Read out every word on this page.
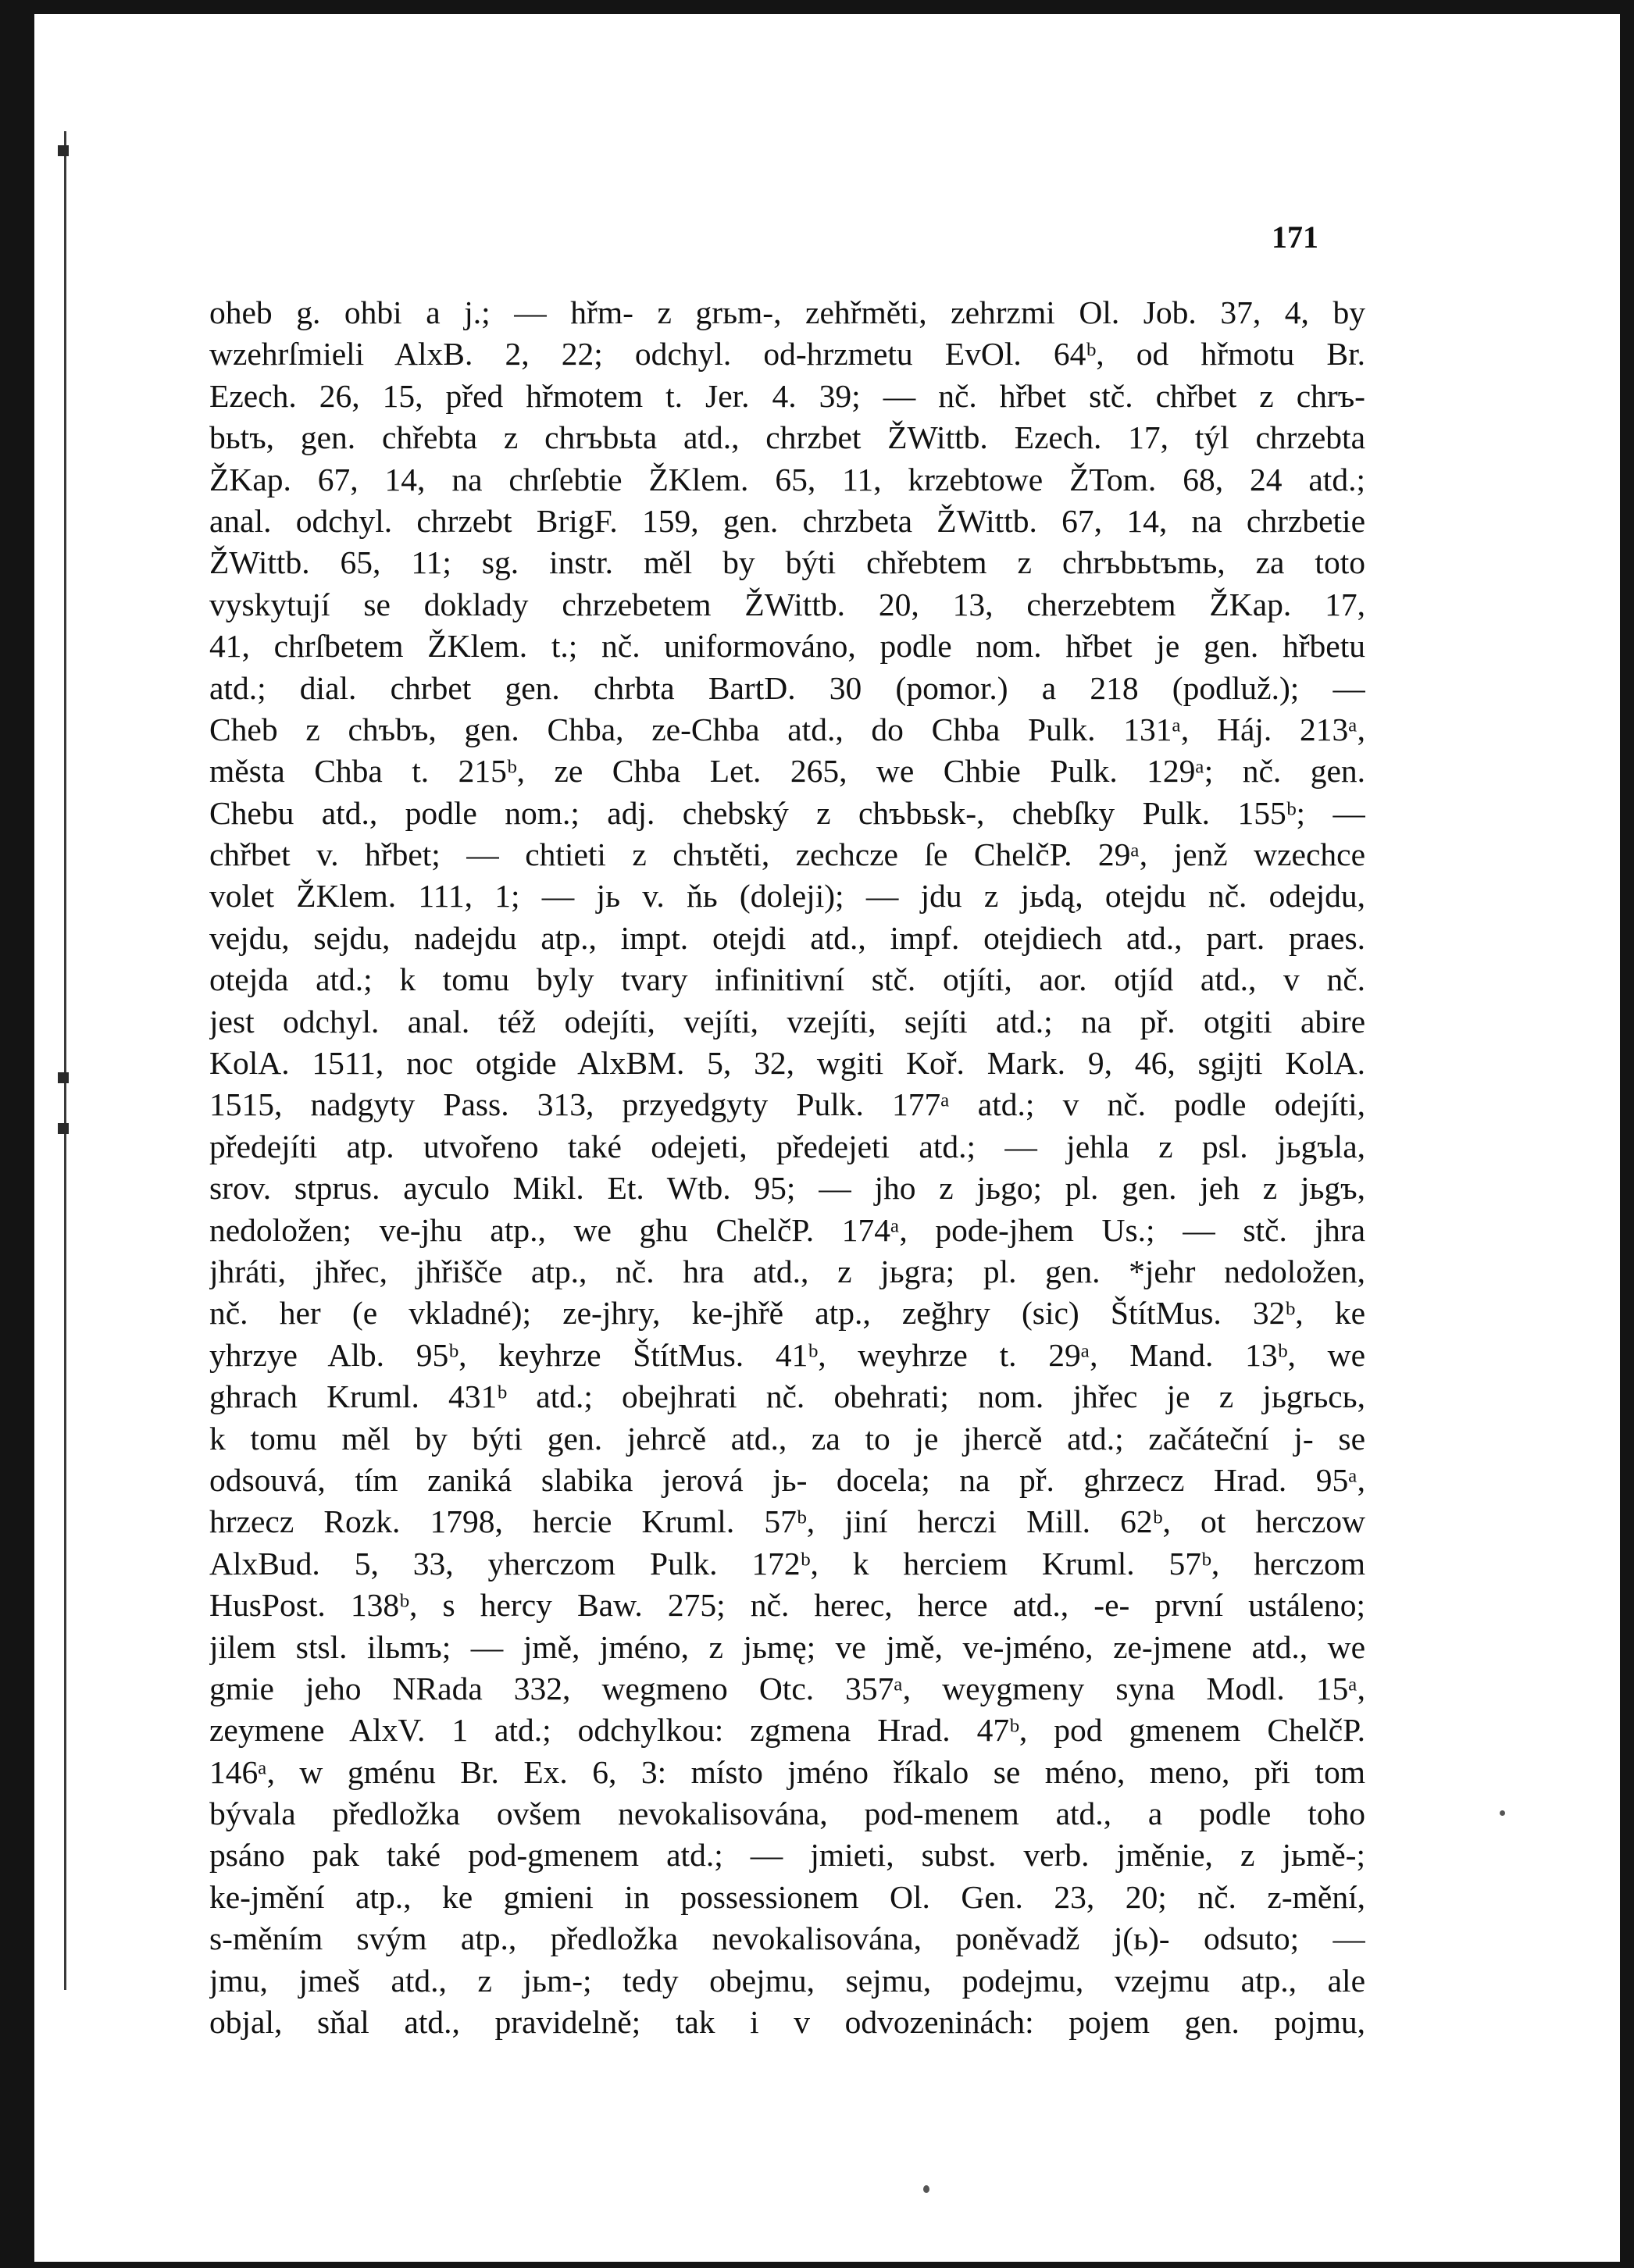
171

oheb g. ohbi a j.; — hřm- z grьm-, zehřměti, zehrzmi Ol. Job. 37, 4, by
wzehrſmieli AlxB. 2, 22; odchyl. od-hrzmetu EvOl. 64ᵇ, od hřmotu Br.
Ezech. 26, 15, před hřmotem t. Jer. 4. 39; — nč. hřbet stč. chřbet z chrъ-
bьtъ, gen. chřebta z chrъbьta atd., chrzbet ŽWittb. Ezech. 17, týl chrzebta
ŽKap. 67, 14, na chrſebtie ŽKlem. 65, 11, krzebtowe ŽTom. 68, 24 atd.;
anal. odchyl. chrzebt BrigF. 159, gen. chrzbeta ŽWittb. 67, 14, na chrzbetie
ŽWittb. 65, 11; sg. instr. měl by býti chřebtem z chrъbьtъmь, za toto
vyskytují se doklady chrzebetem ŽWittb. 20, 13, cherzebtem ŽKap. 17,
41, chrſbetem ŽKlem. t.; nč. uniformováno, podle nom. hřbet je gen. hřbetu
atd.; dial. chrbet gen. chrbta BartD. 30 (pomor.) a 218 (podluž.); —
Cheb z chъbъ, gen. Chba, ze-Chba atd., do Chba Pulk. 131ᵃ, Háj. 213ᵃ,
města Chba t. 215ᵇ, ze Chba Let. 265, we Chbie Pulk. 129ᵃ; nč. gen.
Chebu atd., podle nom.; adj. chebský z chъbьsk-, chebſky Pulk. 155ᵇ; —
chřbet v. hřbet; — chtieti z chъtěti, zechcze ſe ChelčP. 29ᵃ, jenž wzechce
volet ŽKlem. 111, 1; — jь v. ňь (doleji); — jdu z jьdą, otejdu nč. odejdu,
vejdu, sejdu, nadejdu atp., impt. otejdi atd., impf. otejdiech atd., part. praes.
otejda atd.; k tomu byly tvary infinitivní stč. otjíti, aor. otjíd atd., v nč.
jest odchyl. anal. též odejíti, vejíti, vzejíti, sejíti atd.; na př. otgiti abire
KolA. 1511, noc otgide AlxBM. 5, 32, wgiti Koř. Mark. 9, 46, sgijti KolA.
1515, nadgyty Pass. 313, przyedgyty Pulk. 177ᵃ atd.; v nč. podle odejíti,
předejíti atp. utvořeno také odejeti, předejeti atd.; — jehla z psl. jьgъla,
srov. stprus. ayculo Mikl. Et. Wtb. 95; — jho z jьgo; pl. gen. jeh z jьgъ,
nedoložen; ve-jhu atp., we ghu ChelčP. 174ᵃ, pode-jhem Us.; — stč. jhra
jhráti, jhřec, jhřišče atp., nč. hra atd., z jьgra; pl. gen. *jehr nedoložen,
nč. her (e vkladné); ze-jhry, ke-jhřě atp., zeğhry (sic) ŠtítMus. 32ᵇ, ke
yhrzye Alb. 95ᵇ, keyhrze ŠtítMus. 41ᵇ, weyhrze t. 29ᵃ, Mand. 13ᵇ, we
ghrach Kruml. 431ᵇ atd.; obejhrati nč. obehrati; nom. jhřec je z jьgrьcь,
k tomu měl by býti gen. jehrcě atd., za to je jhercě atd.; začáteční j- se
odsouvá, tím zaniká slabika jerová jь- docela; na př. ghrzecz Hrad. 95ᵃ,
hrzecz Rozk. 1798, hercie Kruml. 57ᵇ, jiní herczi Mill. 62ᵇ, ot herczow
AlxBud. 5, 33, yherczom Pulk. 172ᵇ, k herciem Kruml. 57ᵇ, herczom
HusPost. 138ᵇ, s hercy Baw. 275; nč. herec, herce atd., -e- první ustáleno;
jilem stsl. ilьmъ; — jmě, jméno, z jьmę; ve jmě, ve-jméno, ze-jmene atd., we
gmie jeho NRada 332, wegmeno Otc. 357ᵃ, weygmeny syna Modl. 15ᵃ,
zeymene AlxV. 1 atd.; odchylkou: zgmena Hrad. 47ᵇ, pod gmenem ChelčP.
146ᵃ, w gménu Br. Ex. 6, 3: místo jméno říkalo se méno, meno, při tom
bývala předložka ovšem nevokalisována, pod-menem atd., a podle toho
psáno pak také pod-gmenem atd.; — jmieti, subst. verb. jměnie, z jьmě-;
ke-jmění atp., ke gmieni in possessionem Ol. Gen. 23, 20; nč. z-mění,
s-měním svým atp., předložka nevokalisována, poněvadž j(ь)- odsuto; —
jmu, jmeš atd., z jьm-; tedy obejmu, sejmu, podejmu, vzejmu atp., ale
objal, sňal atd., pravidelně; tak i v odvozeninách: pojem gen. pojmu,
